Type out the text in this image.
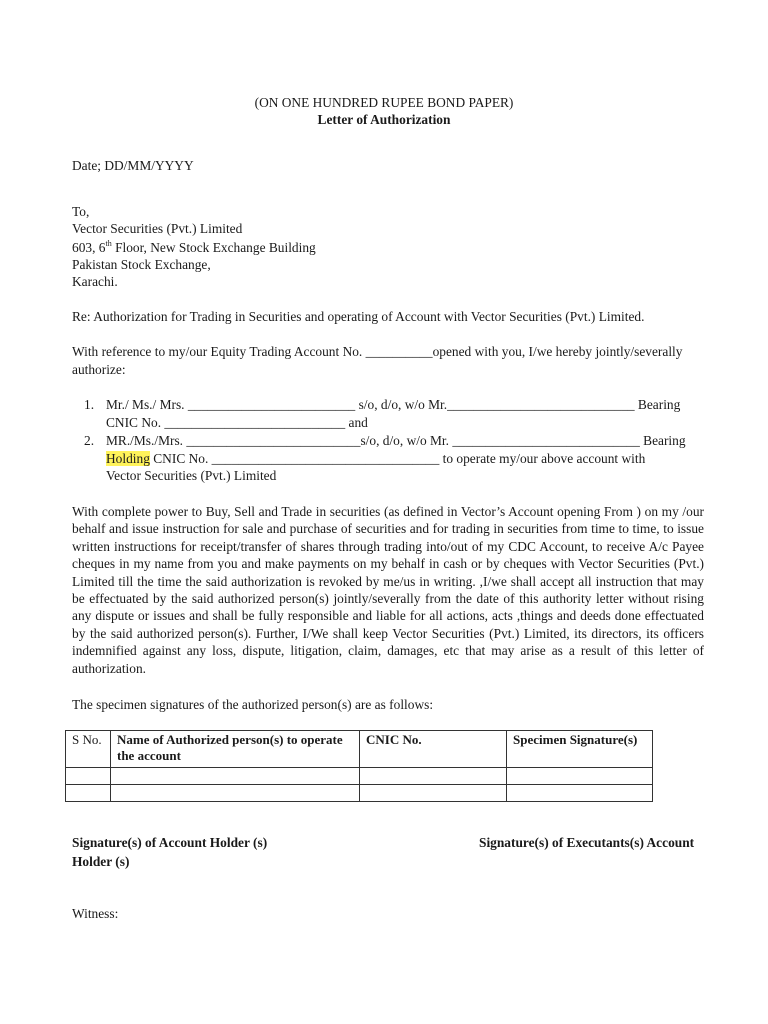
(ON ONE HUNDRED RUPEE BOND PAPER)
Letter of Authorization
Date; DD/MM/YYYY
To,
Vector Securities (Pvt.) Limited
603, 6th Floor, New Stock Exchange Building
Pakistan Stock Exchange,
Karachi.
Re: Authorization for Trading in Securities and operating of Account with Vector Securities (Pvt.) Limited.
With reference to my/our Equity Trading Account No. __________opened with you, I/we hereby jointly/severally
authorize:
1. Mr./ Ms./ Mrs. _________________________ s/o, d/o, w/o Mr.____________________________ Bearing
CNIC No. ___________________________ and
2. MR./Ms./Mrs. __________________________s/o, d/o, w/o Mr. ____________________________ Bearing
Holding CNIC No. __________________________________ to operate my/our above account with
Vector Securities (Pvt.) Limited
With complete power to Buy, Sell and Trade in securities (as defined in Vector’s Account opening From ) on my /our behalf and issue instruction for sale and purchase of securities and for trading in securities from time to time, to issue written instructions for receipt/transfer of shares through trading into/out of my CDC Account, to receive A/c Payee cheques in my name from you and make payments on my behalf in cash or by cheques with Vector Securities (Pvt.) Limited till the time the said authorization is revoked by me/us in writing. ,I/we shall accept all instruction that may be effectuated by the said authorized person(s) jointly/severally from the date of this authority letter without rising any dispute or issues and shall be fully responsible and liable for all actions, acts ,things and deeds done effectuated by the said authorized person(s). Further, I/We shall keep Vector Securities (Pvt.) Limited, its directors, its officers indemnified against any loss, dispute, litigation, claim, damages, etc that may arise as a result of this letter of authorization.
The specimen signatures of the authorized person(s) are as follows:
S No.	Name of Authorized person(s) to operate the account	CNIC No.	Specimen Signature(s)

Signature(s) of Account Holder (s)
Holder (s)
Signature(s) of Executants(s) Account
Witness:
